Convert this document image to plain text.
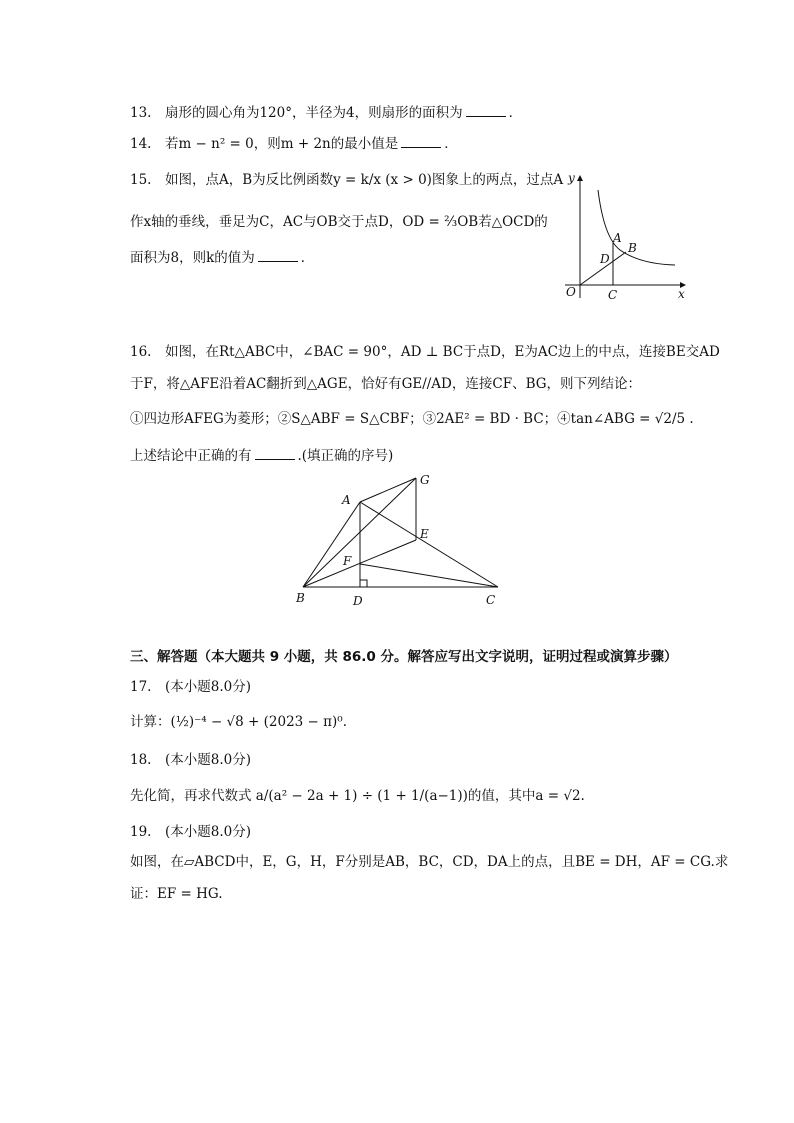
13.　扇形的圆心角为120°，半径为4，则扇形的面积为	．
14.　若m − n² = 0，则m + 2n的最小值是	．
15.　如图，点A，B为反比例函数y = k/x (x > 0)图象上的两点，过点A
作x轴的垂线，垂足为C，AC与OB交于点D，OD = ⅔OB若△OCD的
面积为8，则k的值为	．
y
x
O	C
A
B
D
16.　如图，在Rt△ABC中，∠BAC = 90°，AD ⊥ BC于点D，E为AC边上的中点，连接BE交AD
于F，将△AFE沿着AC翻折到△AGE，恰好有GE//AD，连接CF、BG，则下列结论：
①四边形AFEG为菱形；②S△ABF = S△CBF；③2AE² = BD · BC；④tan∠ABG = √2/5 .
上述结论中正确的有	.(填正确的序号)
A
G
E
F
B	D	C
三、解答题（本大题共 9 小题，共 86.0 分。解答应写出文字说明，证明过程或演算步骤）
17.　(本小题8.0分)
计算：(½)⁻⁴ − √8 + (2023 − π)⁰.
18.　(本小题8.0分)
先化简，再求代数式 a/(a² − 2a + 1) ÷ (1 + 1/(a−1))的值，其中a = √2.
19.　(本小题8.0分)
如图，在▱ABCD中，E，G，H，F分别是AB，BC，CD，DA上的点，且BE = DH，AF = CG.求
证：EF = HG.
